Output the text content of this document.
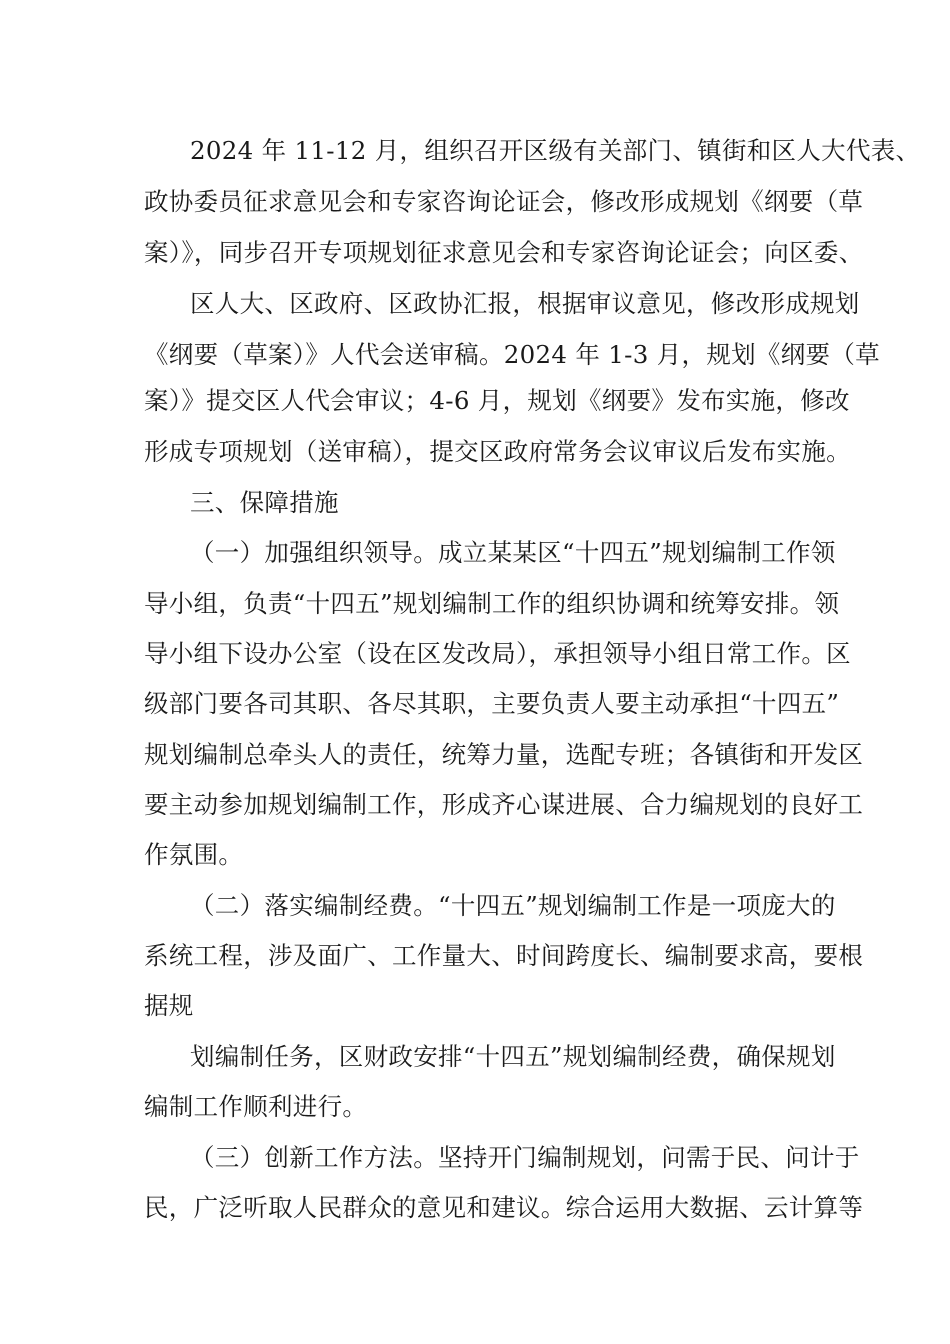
2024 年 11-12 月，组织召开区级有关部门、镇街和区人大代表、
政协委员征求意见会和专家咨询论证会，修改形成规划《纲要（草
案）》，同步召开专项规划征求意见会和专家咨询论证会；向区委、
区人大、区政府、区政协汇报，根据审议意见，修改形成规划
《纲要（草案）》人代会送审稿。2024 年 1-3 月，规划《纲要（草
案）》提交区人代会审议；4-6 月，规划《纲要》发布实施，修改
形成专项规划（送审稿），提交区政府常务会议审议后发布实施。
三、保障措施
（一）加强组织领导。成立某某区“十四五”规划编制工作领
导小组，负责“十四五”规划编制工作的组织协调和统筹安排。领
导小组下设办公室（设在区发改局），承担领导小组日常工作。区
级部门要各司其职、各尽其职，主要负责人要主动承担“十四五”
规划编制总牵头人的责任，统筹力量，选配专班；各镇街和开发区
要主动参加规划编制工作，形成齐心谋进展、合力编规划的良好工
作氛围。
（二）落实编制经费。“十四五”规划编制工作是一项庞大的
系统工程，涉及面广、工作量大、时间跨度长、编制要求高，要根
据规
划编制任务，区财政安排“十四五”规划编制经费，确保规划
编制工作顺利进行。
（三）创新工作方法。坚持开门编制规划，问需于民、问计于
民，广泛听取人民群众的意见和建议。综合运用大数据、云计算等
